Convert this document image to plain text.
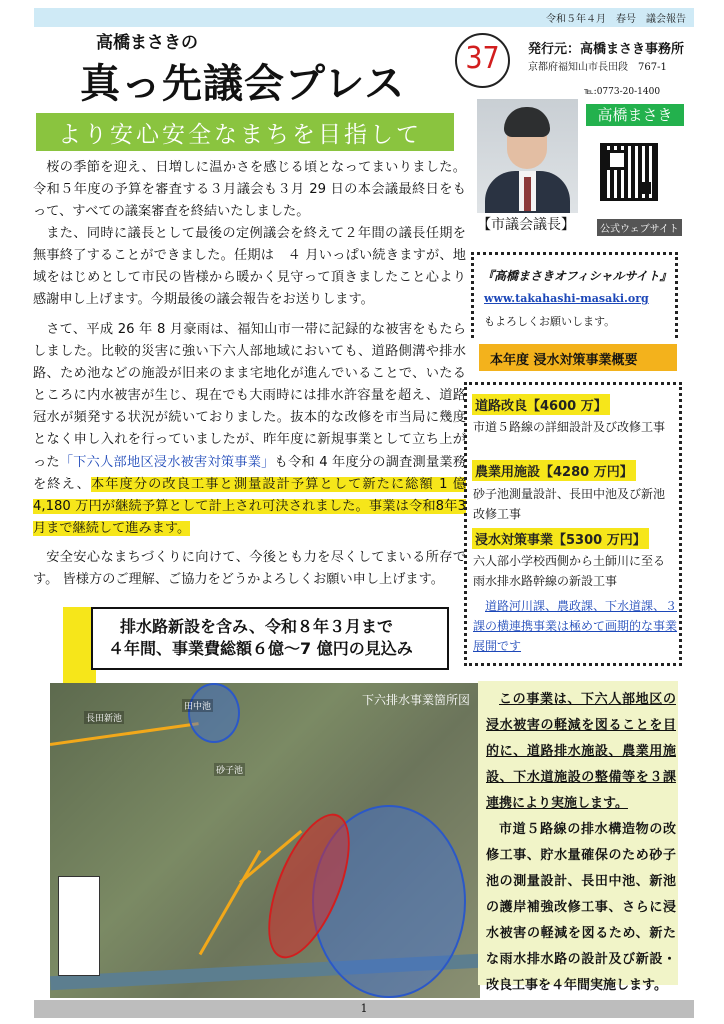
令和５年４月　春号　議会報告
高橋まさきの
真っ先議会プレス
37	発行元：高橋まさき事務所
京都府福知山市長田段　767-1
℡:0773-20-1400
より安心安全なまちを目指して
桜の季節を迎え、日増しに温かさを感じる頃となってまいりました。令和５年度の予算を審査する３月議会も３月 29 日の本会議最終日をもって、すべての議案審査を終結いたしました。
また、同時に議長として最後の定例議会を終えて２年間の議長任期を無事終了することができました。任期は　４ 月いっぱい続きますが、地域をはじめとして市民の皆様から暖かく見守って頂きましたこと心より感謝申し上げます。今期最後の議会報告をお送りします。
さて、平成 26 年 8 月豪雨は、福知山市一帯に記録的な被害をもたらしました。比較的災害に強い下六人部地域においても、道路側溝や排水路、ため池などの施設が旧来のまま宅地化が進んでいることで、いたるところに内水被害が生じ、現在でも大雨時には排水許容量を超え、道路冠水が頻発する状況が続いておりました。抜本的な改修を市当局に幾度となく申し入れを行っていましたが、昨年度に新規事業として立ち上がった「下六人部地区浸水被害対策事業」も令和 4 年度分の調査測量業務を終え、本年度分の改良工事と測量設計予算として新たに総額 1 億 4,180 万円が継続予算として計上され可決されました。事業は令和8年3月まで継続して進みます。
安全安心なまちづくりに向けて、今後とも力を尽くしてまいる所存です。 皆様方のご理解、ご協力をどうかよろしくお願い申し上げます。
【市議会議長】
高橋まさき
公式ウェブサイト
『高橋まさきオフィシャルサイト』
www.takahashi-masaki.org
もよろしくお願いします。
本年度 浸水対策事業概要
道路改良【4600 万】
市道５路線の詳細設計及び改修工事
農業用施設【4280 万円】
砂子池測量設計、長田中池及び新池改修工事
浸水対策事業【5300 万円】
六人部小学校西側から土師川に至る雨水排水路幹線の新設工事
道路河川課、農政課、下水道課、３課の横連携事業は極めて画期的な事業展開です
排水路新設を含み、令和８年３月まで
４年間、事業費総額６億〜7 億円の見込み
下六排水事業箇所図
長田新池
砂子池
田中池	この事業は、下六人部地区の浸水被害の軽減を図ることを目的に、道路排水施設、農業用施設、下水道施設の整備等を３課連携により実施します。
市道５路線の排水構造物の改修工事、貯水量確保のため砂子池の測量設計、長田中池、新池の護岸補強改修工事、さらに浸水被害の軽減を図るため、新たな雨水排水路の設計及び新設・改良工事を４年間実施します。
1
